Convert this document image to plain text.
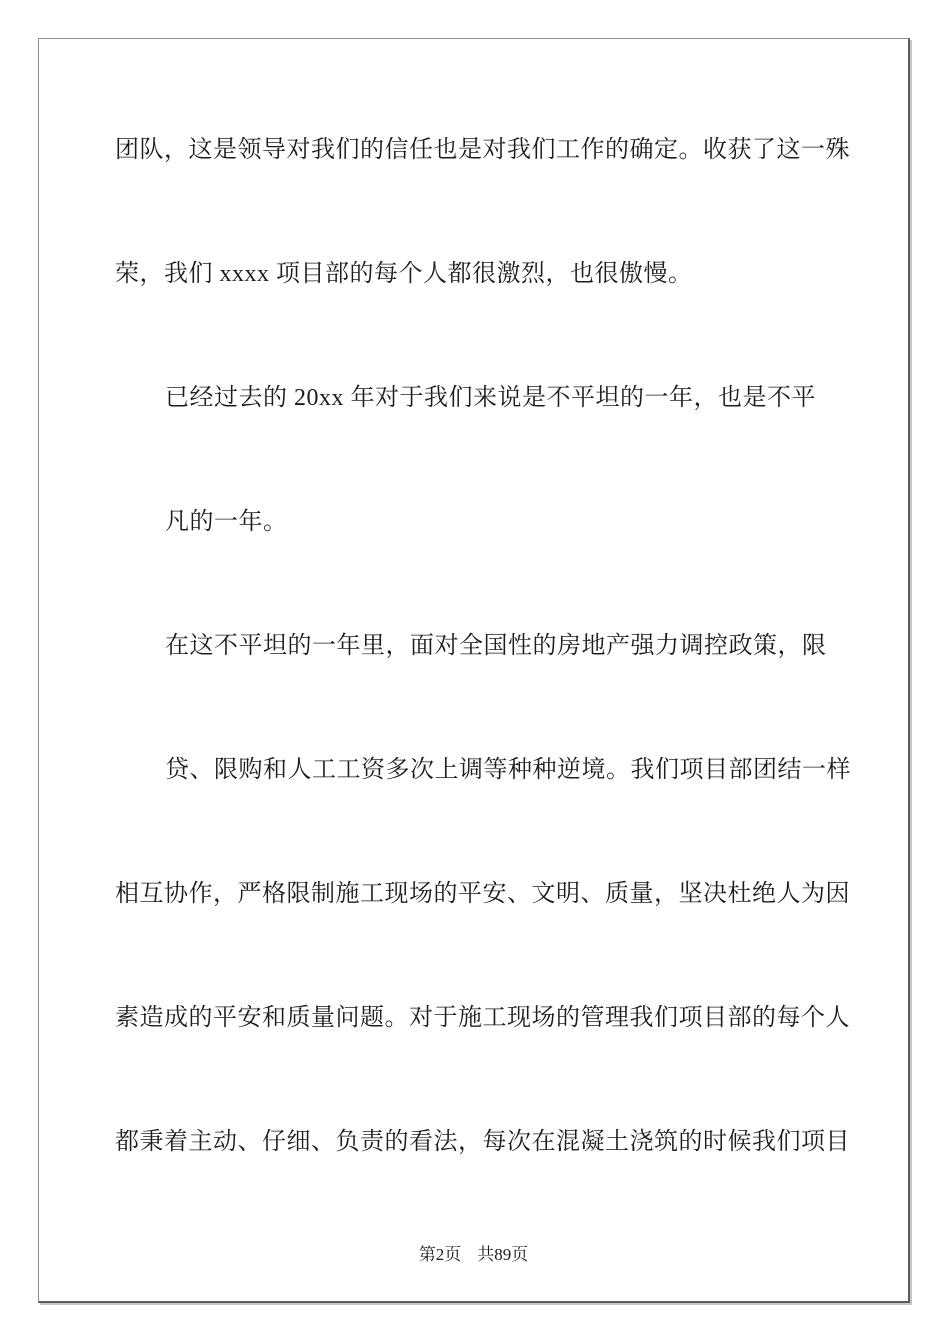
团队，这是领导对我们的信任也是对我们工作的确定。收获了这一殊
荣，我们 xxxx 项目部的每个人都很激烈，也很傲慢。
已经过去的 20xx 年对于我们来说是不平坦的一年，也是不平
凡的一年。
在这不平坦的一年里，面对全国性的房地产强力调控政策，限
贷、限购和人工工资多次上调等种种逆境。我们项目部团结一样
相互协作，严格限制施工现场的平安、文明、质量，坚决杜绝人为因
素造成的平安和质量问题。对于施工现场的管理我们项目部的每个人
都秉着主动、仔细、负责的看法，每次在混凝土浇筑的时候我们项目
第2页 共89页
